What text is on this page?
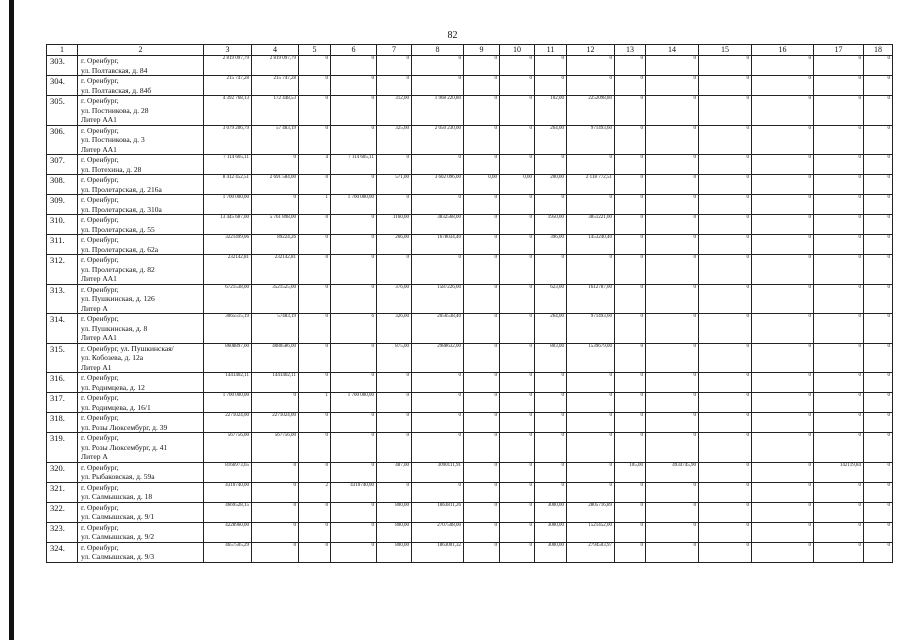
82
1	2	3	4	5	6	7	8	9	10	11	12	13	14	15	16	17	18
303.	г. Оренбург,
ул. Полтавская, д. 84	2 819 097,79	2 819 097,79	0	0	0	0	0	0	0	0	0	0	0	0	0	0
304.	г. Оренбург,
ул. Полтавская, д. 84б	215 747,28	215 747,28	0	0	0	0	0	0	0	0	0	0	0	0	0	0
305.	г. Оренбург,
ул. Постникова, д. 28
Литер АА1	4 392 768,13	172 448,53	0	0	312,00	1 968 220,80	0	0	102,00	2252098,80	0	0	0	0	0	0
306.	г. Оренбург,
ул. Постникова, д. 3
Литер АА1	3 079 206,79	57 483,19	0	0	325,00	2 050 230,00	0	0	264,00	971493,60	0	0	0	0	0	0
307.	г. Оренбург,
ул. Потехина, д. 28	7 114 605,11	0	4	7 114 605,11	0	0	0	0	0	0	0	0	0	0	0	0
308.	г. Оренбург,
ул. Пролетарская, д. 216а	8 412 452,51	2 691 584,00	0	0	571,00	3 602 096,00	0,00	0,00	200,00	2 118 772,51	0	0	0	0	0	0
309.	г. Оренбург,
ул. Пролетарская, д. 310а	1 700 000,00	0	1	1 700 000,00	0	0	0	0	0	0	0	0	0	0	0	0
310.	г. Оренбург,
ул. Пролетарская, д. 55	13 445 687,00	5 761 898,00	0	0	1160,00	3832568,00	0	0	1950,00	3851221,00	0	0	0	0	0	0
311.	г. Оренбург,
ул. Пролетарская, д. 62а	3221499,06	89224,26	0	0	266,00	1678034,40	0	0	396,00	1453240,40	0	0	0	0	0	0
312.	г. Оренбург,
ул. Пролетарская, д. 82
Литер АА1	232142,81	232142,81	0	0	0	0	0	0	0	0	0	0	0	0	0	0
313.	г. Оренбург,
ул. Пушкинская, д. 126
Литер А	6721538,00	3521525,00	0	0	376,00	1587226,00	0	0	623,00	1612787,00	0	0	0	0	0	0
314.	г. Оренбург,
ул. Пушкинская, д. 8
Литер АА1	3065515,19	57483,19	0	6	326,00	2056538,40	0	0	264,00	971493,60	0	0	0	0	0	0
315.	г. Оренбург, ул. Пушкинская/
ул. Кобозева, д. 12а
Литер А1	8608897,00	4080586,00	0	0	875,00	2988632,00	0	0	803,00	1539679,00	0	0	0	0	0	0
316.	г. Оренбург,
ул. Родимцева, д. 12	1441402,11	1441402,11	0	0	0	0	0	0	0	0	0	0	0	0	0	0
317.	г. Оренбург,
ул. Родимцева, д. 16/1	1 700 000,00	0	1	1 700 000,00	0	0	0	0	0	0	0	0	0	0	0	0
318.	г. Оренбург,
ул. Розы Люксембург, д. 39	2271024,00	2271024,00	0	0	0	0	0	0	0	0	0	0	0	0	0	0
319.	г. Оренбург,
ул. Розы Люксембург, д. 41
Литер А	567756,00	567756,00	0	0	0	0	0	0	0	0	0	0	0	0	0	0
320.	г. Оренбург,
ул. Рыбаковская, д. 59а	8166973,65	0	0	0	487,00	3090111,91	0	0	0	0	105,00	4934745,90	0	0	142119,84	0
321.	г. Оренбург,
ул. Салмышская, д. 18	4310740,00	0	2	4310740,00	0	0	0	0	0	0	0	0	0	0	0	0
322.	г. Оренбург,
ул. Салмышская, д. 9/1	4669528,15	0	0	0	800,00	1863811,26	0	0	3000,00	2805716,89	0	0	0	0	0	0
323.	г. Оренбург,
ул. Салмышская, д. 9/2	4228960,00	0	0	0	800,00	2707508,00	0	0	3000,00	1521452,00	0	0	0	0	0	0
324.	г. Оренбург,
ул. Салмышская, д. 9/3	4657505,29	0	0	0	800,00	1863001,32	0	0	3000,00	2794503,97	0	0	0	0	0	0
